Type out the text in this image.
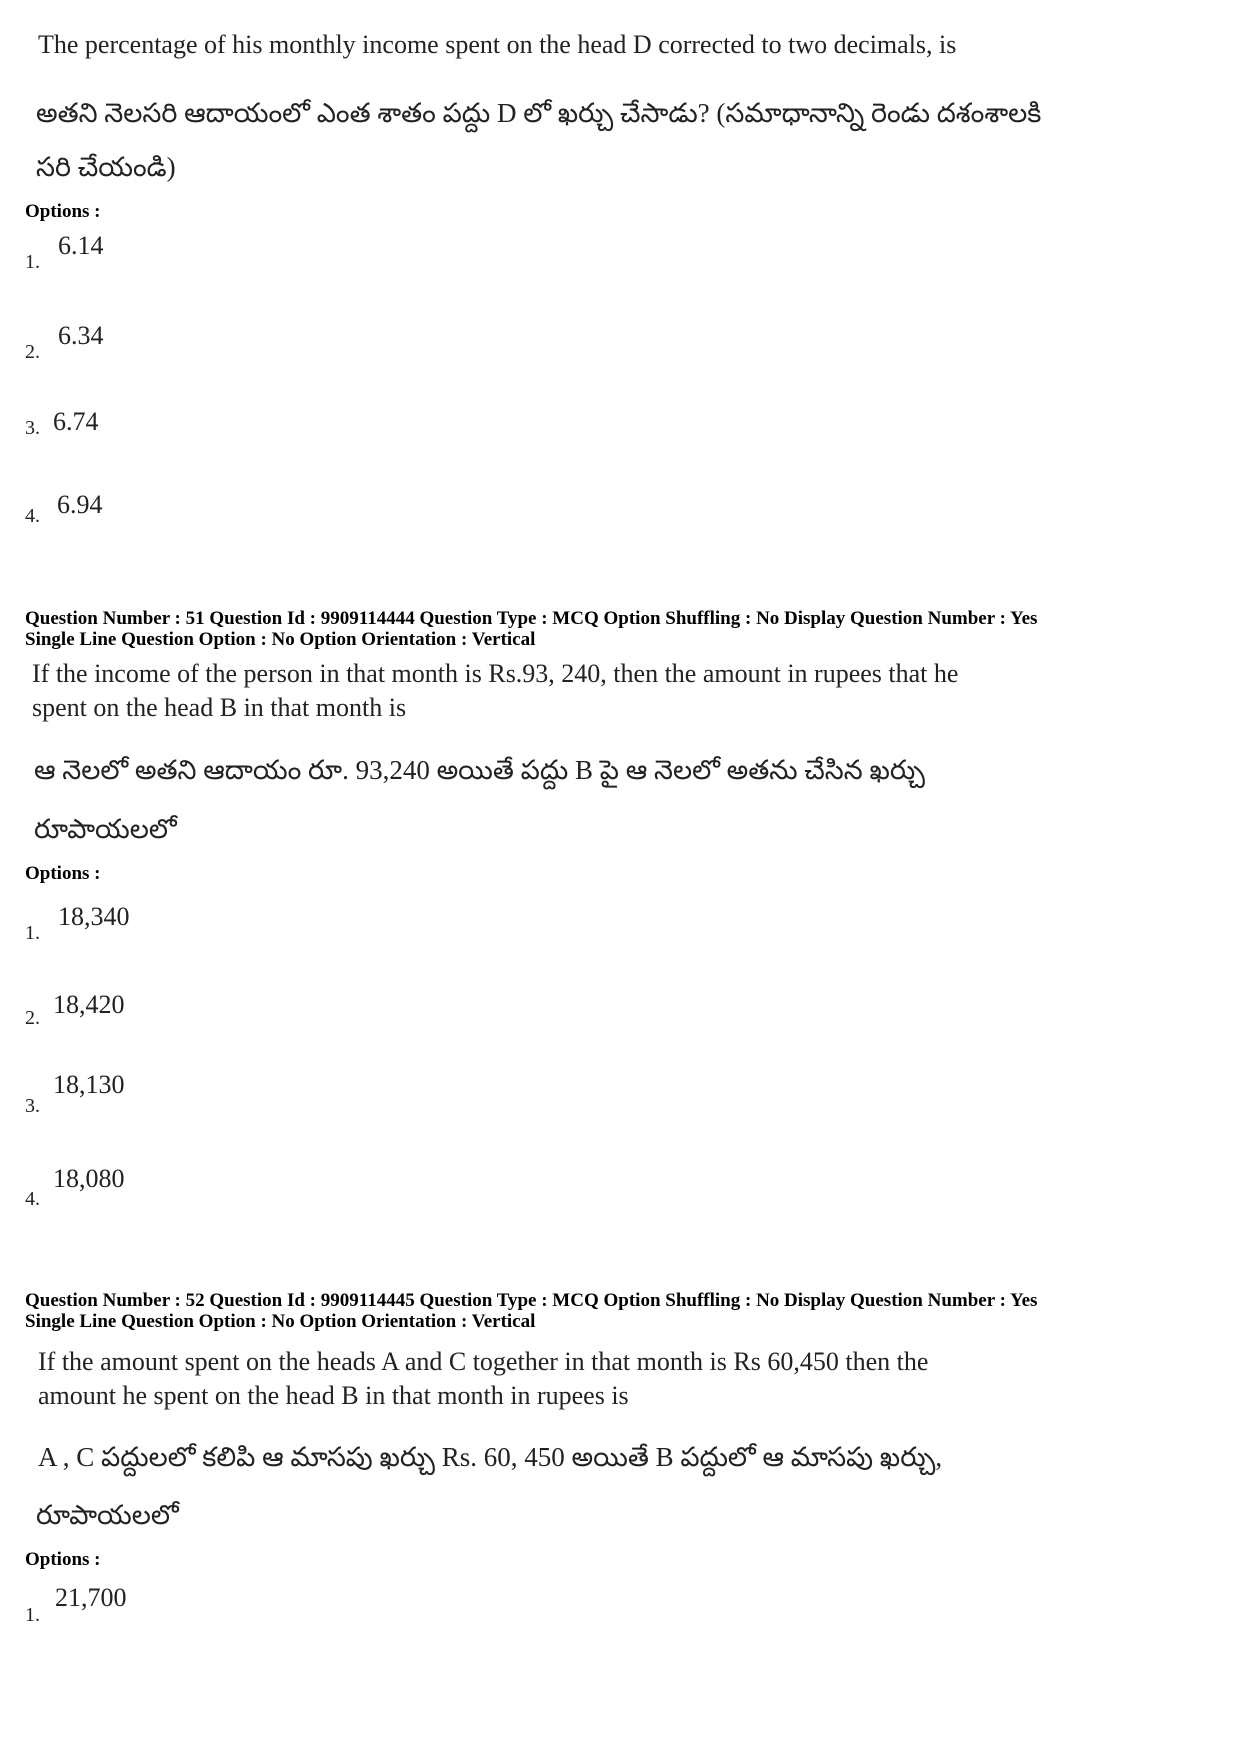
The percentage of his monthly income spent on the head D corrected to two decimals, is
అతని నెలసరి ఆదాయంలో ఎంత శాతం పద్దు D లో ఖర్చు చేసాడు? (సమాధానాన్ని రెండు దశంశాలకి
సరి చేయండి)
Options :
1.
6.14
2.
6.34
3. 6.74
4. 6.94
Question Number : 51 Question Id : 9909114444 Question Type : MCQ Option Shuffling : No Display Question Number : Yes
Single Line Question Option : No Option Orientation : Vertical
If the income of the person in that month is Rs.93, 240, then the amount in rupees that he
spent on the head B in that month is
ఆ నెలలో అతని ఆదాయం రూ. 93,240 అయితే పద్దు B పై ఆ నెలలో అతను చేసిన ఖర్చు
రూపాయలలో
Options :
1.
18,340
2. 18,420
3.
18,130
4.
18,080
Question Number : 52 Question Id : 9909114445 Question Type : MCQ Option Shuffling : No Display Question Number : Yes
Single Line Question Option : No Option Orientation : Vertical
If the amount spent on the heads A and C together in that month is Rs 60,450 then the
amount he spent on the head B in that month in rupees is
A , C పద్దులలో కలిపి ఆ మాసపు ఖర్చు Rs. 60, 450 అయితే B పద్దులో ఆ మాసపు ఖర్చు,
రూపాయలలో
Options :
1.
21,700
